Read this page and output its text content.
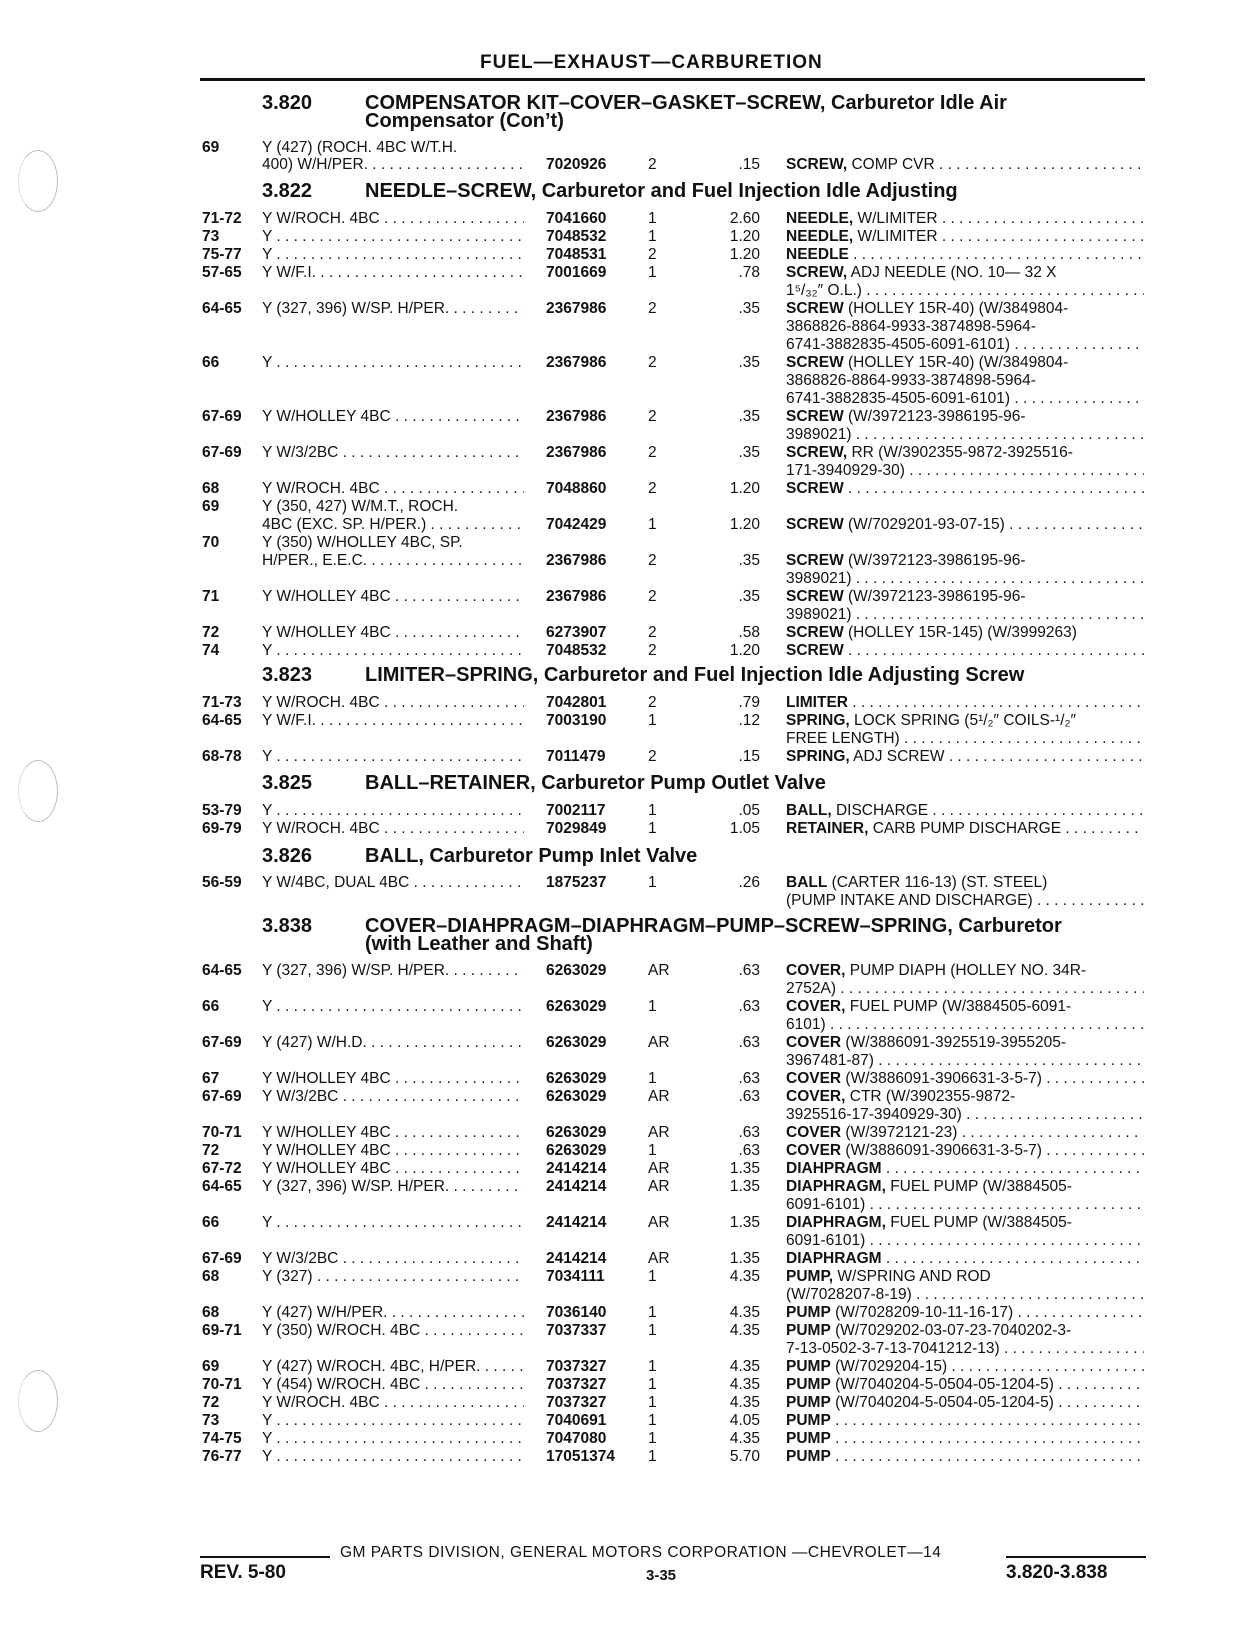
FUEL—EXHAUST—CARBURETION
3.820	COMPENSATOR KIT–COVER–GASKET–SCREW, Carburetor Idle Air
Compensator (Con’t)
3.822	NEEDLE–SCREW, Carburetor and Fuel Injection Idle Adjusting
3.823	LIMITER–SPRING, Carburetor and Fuel Injection Idle Adjusting Screw
3.825	BALL–RETAINER, Carburetor Pump Outlet Valve
3.826	BALL, Carburetor Pump Inlet Valve
3.838	COVER–DIAHPRAGM–DIAPHRAGM–PUMP–SCREW–SPRING, Carburetor
(with Leather and Shaft)
69	Y (427) (ROCH. 4BC W/T.H.
400) W/H/PER. . . .	7020926	2	.15 SCREW, COMP CVR . . .
71-72 Y W/ROCH. 4BC . . .	7041660	1	2.60 NEEDLE, W/LIMITER . . .
73	Y . . .	7048532	1	1.20 NEEDLE, W/LIMITER . . .
75-77 Y . . .	7048531	2	1.20 NEEDLE . . .
57-65 Y W/F.I. . . .	7001669	1	.78 SCREW, ADJ NEEDLE (NO. 10— 32 X
1⁵/₃₂″ O.L.) . . .
64-65 Y (327, 396) W/SP. H/PER. . . .	2367986	2	.35 SCREW (HOLLEY 15R-40) (W/3849804-
3868826-8864-9933-3874898-5964-
6741-3882835-4505-6091-6101) . . .
66	Y . . .	2367986	2	.35 SCREW (HOLLEY 15R-40) (W/3849804-
3868826-8864-9933-3874898-5964-
6741-3882835-4505-6091-6101) . . .
67-69 Y W/HOLLEY 4BC . . .	2367986	2	.35 SCREW (W/3972123-3986195-96-
3989021) . . .
67-69 Y W/3/2BC . . .	2367986	2	.35 SCREW, RR (W/3902355-9872-3925516-
171-3940929-30) . . .
68	Y W/ROCH. 4BC . . .	7048860	2	1.20 SCREW . . .
69	Y (350, 427) W/M.T., ROCH.
4BC (EXC. SP. H/PER.) . . .	7042429	1	1.20 SCREW (W/7029201-93-07-15) . . .
70	Y (350) W/HOLLEY 4BC, SP.
H/PER., E.E.C. . . .	2367986	2	.35 SCREW (W/3972123-3986195-96-
3989021) . . .
71	Y W/HOLLEY 4BC . . .	2367986	2	.35 SCREW (W/3972123-3986195-96-
3989021) . . .
72	Y W/HOLLEY 4BC . . .	6273907	2	.58 SCREW (HOLLEY 15R-145) (W/3999263)
74	Y . . .	7048532	2	1.20 SCREW . . .
71-73 Y W/ROCH. 4BC . . .	7042801	2	.79 LIMITER . . .
64-65 Y W/F.I. . . .	7003190	1	.12 SPRING, LOCK SPRING (5¹/₂″ COILS-¹/₂″
FREE LENGTH) . . .
68-78 Y . . .	7011479	2	.15 SPRING, ADJ SCREW . . .
53-79 Y . . .	7002117	1	.05 BALL, DISCHARGE . . .
69-79 Y W/ROCH. 4BC . . .	7029849	1	1.05 RETAINER, CARB PUMP DISCHARGE . . .
56-59 Y W/4BC, DUAL 4BC . . .	1875237	1	.26 BALL (CARTER 116-13) (ST. STEEL)
(PUMP INTAKE AND DISCHARGE) . . .
64-65 Y (327, 396) W/SP. H/PER. . . .	6263029	AR	.63 COVER, PUMP DIAPH (HOLLEY NO. 34R-
2752A) . . .
66	Y . . .	6263029	1	.63 COVER, FUEL PUMP (W/3884505-6091-
6101) . . .
67-69 Y (427) W/H.D. . . .	6263029	AR	.63 COVER (W/3886091-3925519-3955205-
3967481-87) . . .
67	Y W/HOLLEY 4BC . . .	6263029	1	.63 COVER (W/3886091-3906631-3-5-7) . . .
67-69 Y W/3/2BC . . .	6263029	AR	.63 COVER, CTR (W/3902355-9872-
3925516-17-3940929-30) . . .
70-71 Y W/HOLLEY 4BC . . .	6263029	AR	.63 COVER (W/3972121-23) . . .
72	Y W/HOLLEY 4BC . . .	6263029	1	.63 COVER (W/3886091-3906631-3-5-7) . . .
67-72 Y W/HOLLEY 4BC . . .	2414214	AR	1.35 DIAHPRAGM . . .
64-65 Y (327, 396) W/SP. H/PER. . . .	2414214	AR	1.35 DIAPHRAGM, FUEL PUMP (W/3884505-
6091-6101) . . .
66	Y . . .	2414214	AR	1.35 DIAPHRAGM, FUEL PUMP (W/3884505-
6091-6101) . . .
67-69 Y W/3/2BC . . .	2414214	AR	1.35 DIAPHRAGM . . .
68	Y (327) . . .	7034111	1	4.35 PUMP, W/SPRING AND ROD
(W/7028207-8-19) . . .
68	Y (427) W/H/PER. . . .	7036140	1	4.35 PUMP (W/7028209-10-11-16-17) . . .
69-71 Y (350) W/ROCH. 4BC . . .	7037337	1	4.35 PUMP (W/7029202-03-07-23-7040202-3-
7-13-0502-3-7-13-7041212-13) . . .
69	Y (427) W/ROCH. 4BC, H/PER. . . .	7037327	1	4.35 PUMP (W/7029204-15) . . .
70-71 Y (454) W/ROCH. 4BC . . .	7037327	1	4.35 PUMP (W/7040204-5-0504-05-1204-5) . . .
72	Y W/ROCH. 4BC . . .	7037327	1	4.35 PUMP (W/7040204-5-0504-05-1204-5) . . .
73	Y . . .	7040691	1	4.05 PUMP . . .
74-75 Y . . .	7047080	1	4.35 PUMP . . .
76-77 Y . . .	17051374 1	5.70 PUMP . . .
GM PARTS DIVISION, GENERAL MOTORS CORPORATION —CHEVROLET—14
REV. 5-80	3-35	3.820-3.838
